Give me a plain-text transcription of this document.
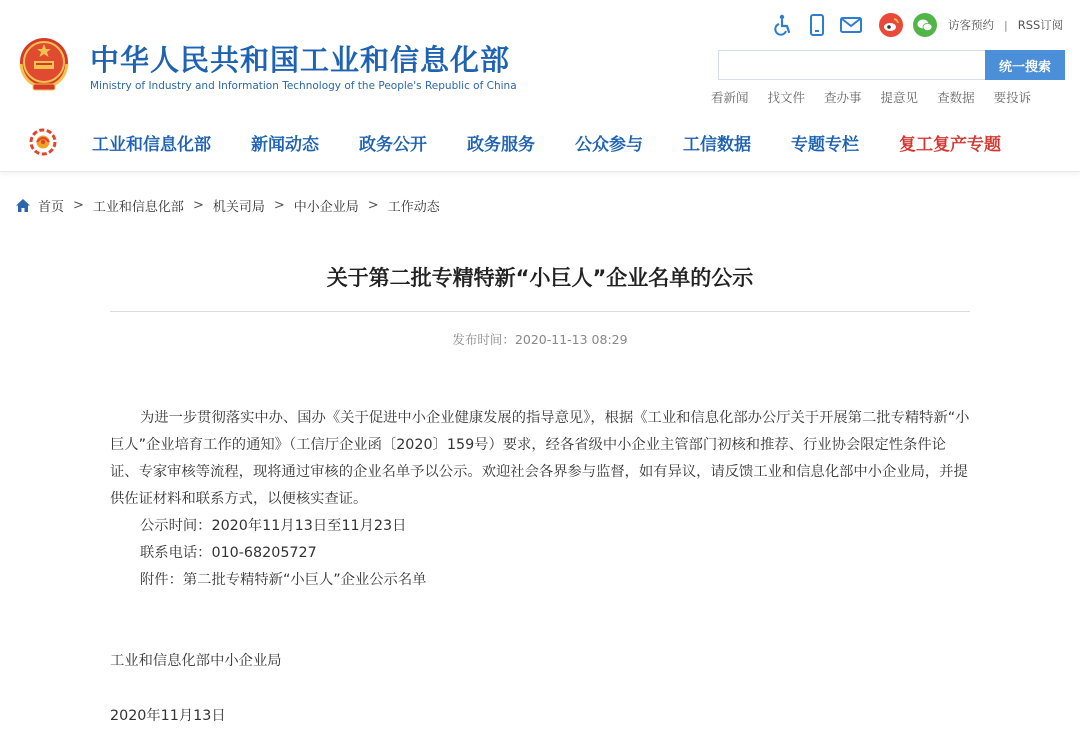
中华人民共和国工业和信息化部
Ministry of Industry and Information Technology of the People's Republic of China
访客预约 | RSS订阅
统一搜索
看新闻 找文件 查办事 提意见 查数据 要投诉
工业和信息化部 新闻动态 政务公开 政务服务 公众参与 工信数据 专题专栏 复工复产专题
首页 > 工业和信息化部 > 机关司局 > 中小企业局 > 工作动态
关于第二批专精特新“小巨人”企业名单的公示
发布时间：2020-11-13 08:29

为进一步贯彻落实中办、国办《关于促进中小企业健康发展的指导意见》，根据《工业和信息化部办公厅关于开展第二批专精特新“小巨人”企业培育工作的通知》（工信厅企业函〔2020〕159号）要求，经各省级中小企业主管部门初核和推荐、行业协会限定性条件论证、专家审核等流程，现将通过审核的企业名单予以公示。欢迎社会各界参与监督，如有异议，请反馈工业和信息化部中小企业局，并提供佐证材料和联系方式，以便核实查证。

公示时间：2020年11月13日至11月23日
联系电话：010-68205727
附件：第二批专精特新“小巨人”企业公示名单
工业和信息化部中小企业局
2020年11月13日
